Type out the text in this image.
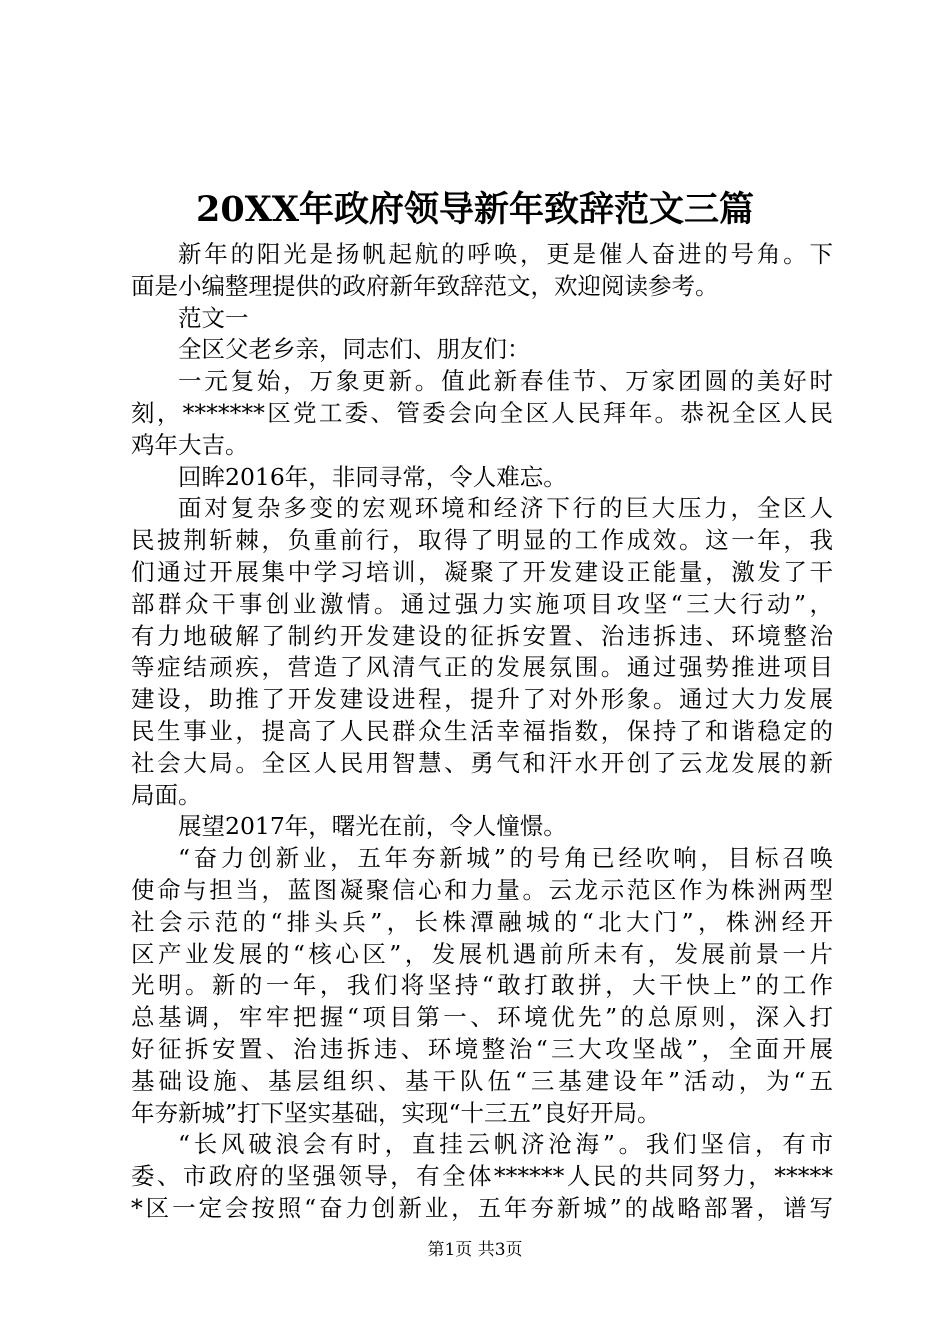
20XX年政府领导新年致辞范文三篇
新年的阳光是扬帆起航的呼唤，更是催人奋进的号角。下
面是小编整理提供的政府新年致辞范文，欢迎阅读参考。
范文一
全区父老乡亲，同志们、朋友们：
一元复始，万象更新。值此新春佳节、万家团圆的美好时
刻，*******区党工委、管委会向全区人民拜年。恭祝全区人民
鸡年大吉。
回眸2016年，非同寻常，令人难忘。
面对复杂多变的宏观环境和经济下行的巨大压力，全区人
民披荆斩棘，负重前行，取得了明显的工作成效。这一年，我
们通过开展集中学习培训，凝聚了开发建设正能量，激发了干
部群众干事创业激情。通过强力实施项目攻坚“三大行动”，
有力地破解了制约开发建设的征拆安置、治违拆违、环境整治
等症结顽疾，营造了风清气正的发展氛围。通过强势推进项目
建设，助推了开发建设进程，提升了对外形象。通过大力发展
民生事业，提高了人民群众生活幸福指数，保持了和谐稳定的
社会大局。全区人民用智慧、勇气和汗水开创了云龙发展的新
局面。
展望2017年，曙光在前，令人憧憬。
“奋力创新业，五年夯新城”的号角已经吹响，目标召唤
使命与担当，蓝图凝聚信心和力量。云龙示范区作为株洲两型
社会示范的“排头兵”，长株潭融城的“北大门”，株洲经开
区产业发展的“核心区”，发展机遇前所未有，发展前景一片
光明。新的一年，我们将坚持“敢打敢拼，大干快上”的工作
总基调，牢牢把握“项目第一、环境优先”的总原则，深入打
好征拆安置、治违拆违、环境整治“三大攻坚战”，全面开展
基础设施、基层组织、基干队伍“三基建设年”活动，为“五
年夯新城”打下坚实基础，实现“十三五”良好开局。
“长风破浪会有时，直挂云帆济沧海”。我们坚信，有市
委、市政府的坚强领导，有全体******人民的共同努力，*****
*区一定会按照“奋力创新业，五年夯新城”的战略部署，谱写
第1页 共3页
